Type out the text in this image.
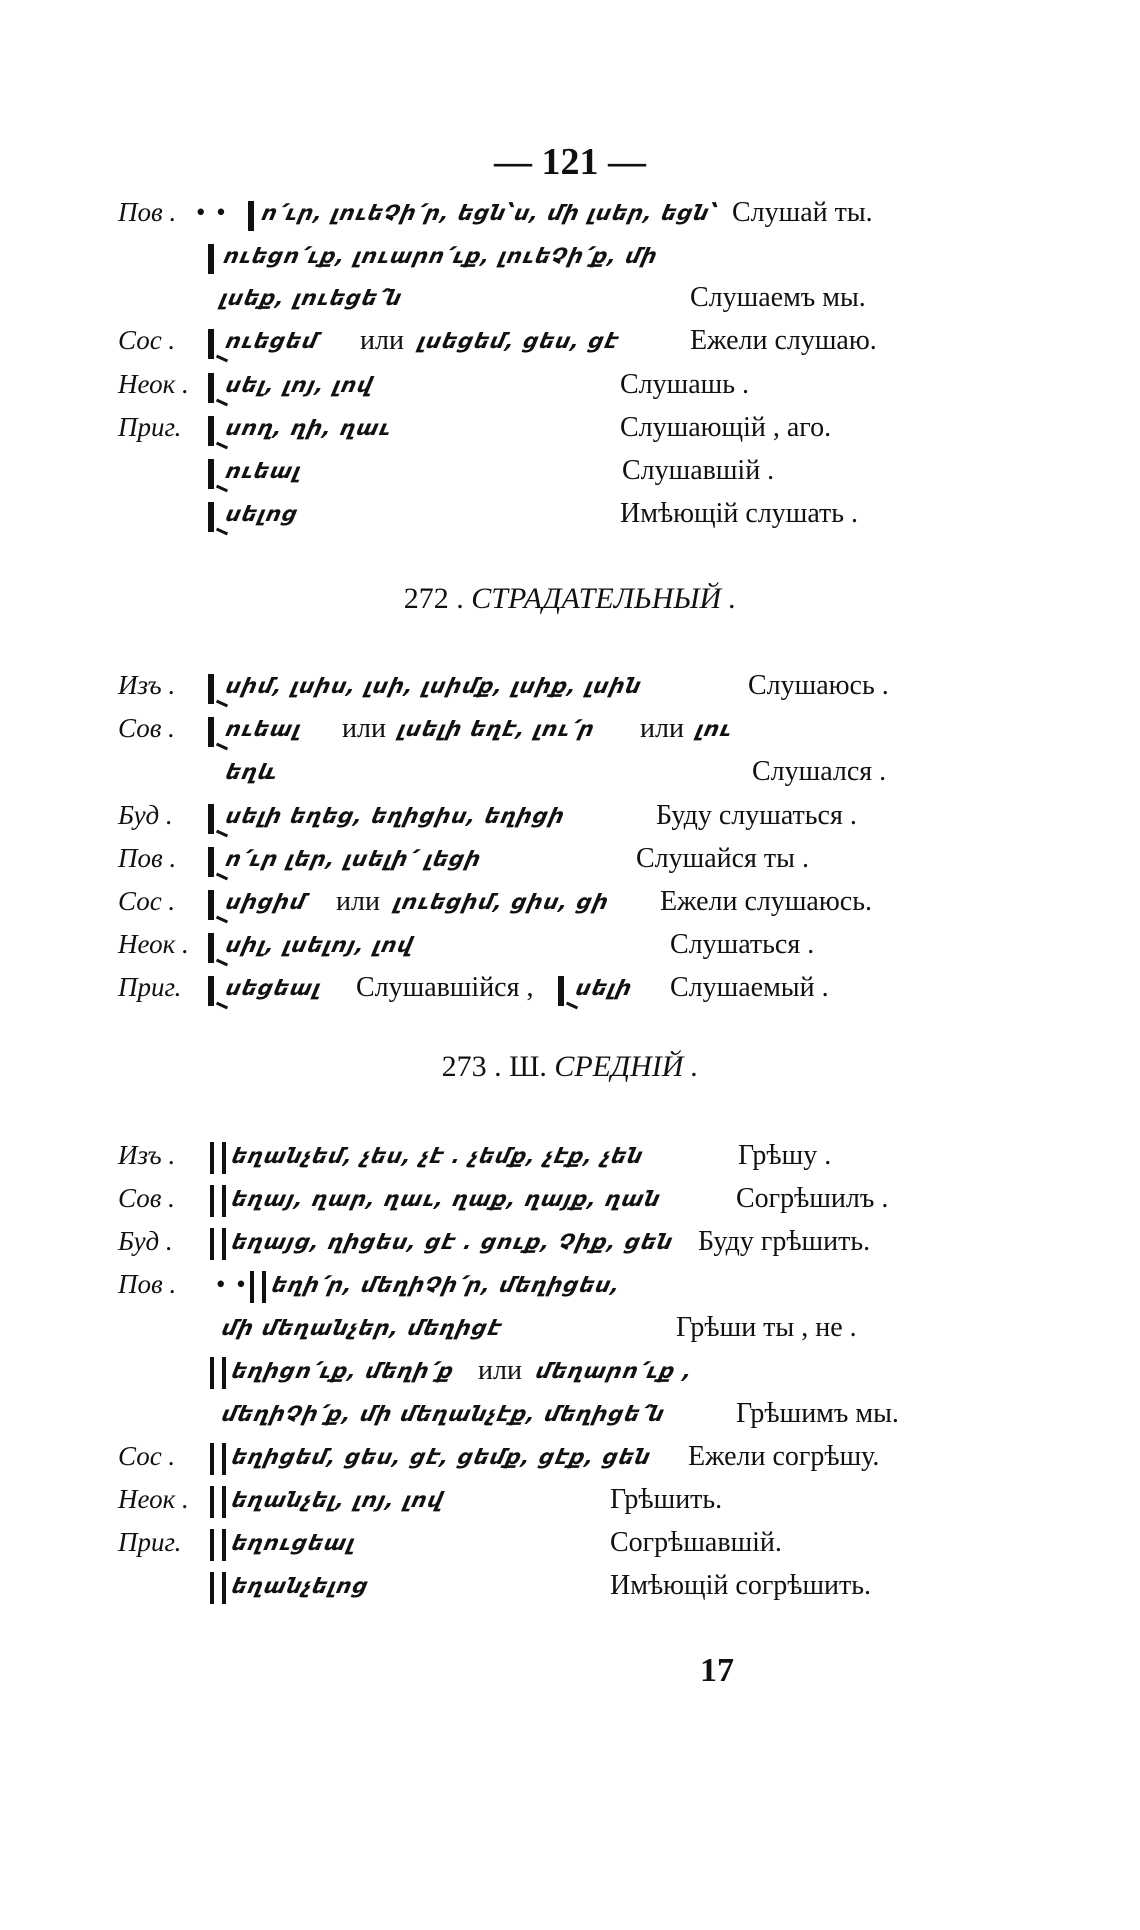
— 121 —
Пов . • • ո՛ւր, լուեՉի՛ր, եցն՝ս, մի լսեր, եցն՝ Слушай ты.
ուեցո՛ւք, լուարո՛ւք, լուեՉի՛ք, մի
լսեք, լուեցե՛ն	Слушаемъ мы.
Сос . ուեցեմ или լսեցեմ, ցես, ցէ Ежели слушаю.
Неок . սել, լոյ, լով	Слушашь .
Приг. սող, ղի, ղաւ	Слушающій , аго.
ուեալ	Слушавшій .
սելոց	Имѣющій слушать .
272 . СТРАДАТЕЛЬНЫЙ .
Изъ . սիմ, լսիս, լսի, լսիմք, լսիք, լսին	Слушаюсь .
Сов . ուեալ или լսելի եղէ, լու՛ր или լու
եղև	Слушался .
Буд . սելի եղեց, եղիցիս, եղիցի	Буду слушаться .
Пов . ո՛ւր լեր, լսելի՛ լեցի	Слушайся ты .
Сос . սիցիմ или լուեցիմ, ցիս, ցի Ежели слушаюсь.
Неок . սիլ, լսելոյ, լով	Слушаться .
Приг. սեցեալ Слушавшійся , սելի Слушаемый .
273 . Ш. СРЕДНІЙ .
Изъ .	եղանչեմ, չես, չէ . չեմք, չէք, չեն	Грѣшу .
Сов .	եղայ, ղար, ղաւ, ղաք, ղայք, ղան	Согрѣшилъ .
Буд .	եղայց, ղիցես, ցէ . ցուք, Չիք, ցեն Буду грѣшить.
Пов . • • եղի՛ր, մեղիՉի՛ր, մեղիցես,
մի մեղանչեր, մեղիցէ	Грѣши ты , не .
եղիցո՛ւք, մեղի՛ք или մեղարո՛ւք ,
մեղիՉի՛ք, մի մեղանչէք, մեղիցե՛ն Грѣшимъ мы.
Сос .	եղիցեմ, ցես, ցէ, ցեմք, ցէք, ցեն Ежели согрѣшу.
Неок . եղանչել, լոյ, լով	Грѣшить.
Приг. եղուցեալ	Согрѣшавшій.
եղանչելոց	Имѣющій согрѣшить.
17
